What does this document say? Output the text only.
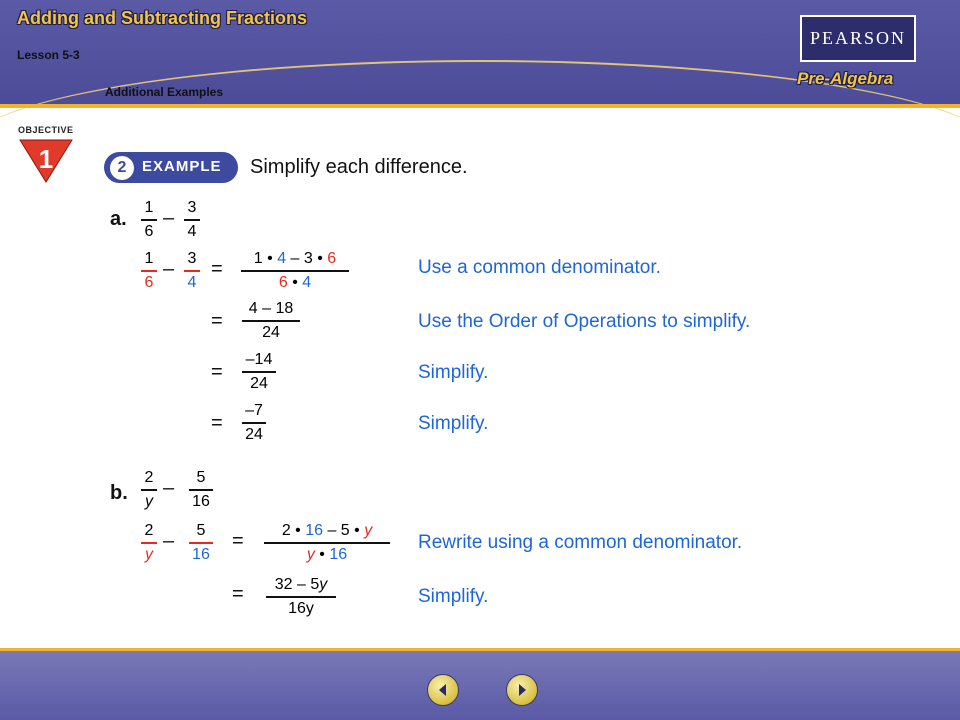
Adding and Subtracting Fractions
Lesson 5-3
Additional Examples
PEARSON
Pre-Algebra
OBJECTIVE
1	2	EXAMPLE Simplify each difference.
a.
1
6
– 3
4
1
6
– 3
4
= 1 • 4 – 3 • 6
6 • 4
Use a common denominator.
=
4 – 18
24
Use the Order of Operations to simplify.
=
–14
24
Simplify.
=
–7
24
Simplify.
b.
2
y
– 5
16
2
y
– 5
16
= 2 • 16 – 5 • y
y • 16
Rewrite using a common denominator.
= 32 – 5y
16y
Simplify.
